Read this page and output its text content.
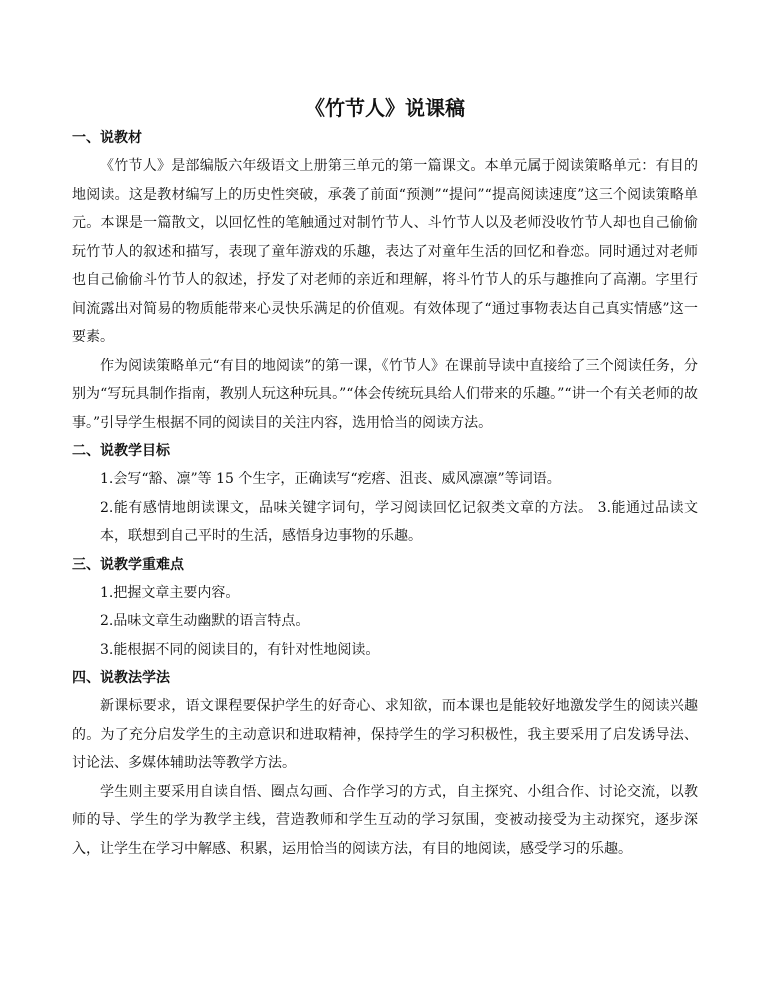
《竹节人》说课稿

一、说教材

《竹节人》是部编版六年级语文上册第三单元的第一篇课文。本单元属于阅读策略单元：有目的地阅读。这是教材编写上的历史性突破，承袭了前面“预测”“提问”“提高阅读速度”这三个阅读策略单元。本课是一篇散文，以回忆性的笔触通过对制竹节人、斗竹节人以及老师没收竹节人却也自己偷偷玩竹节人的叙述和描写，表现了童年游戏的乐趣，表达了对童年生活的回忆和眷恋。同时通过对老师也自己偷偷斗竹节人的叙述，抒发了对老师的亲近和理解，将斗竹节人的乐与趣推向了高潮。字里行间流露出对简易的物质能带来心灵快乐满足的价值观。有效体现了“通过事物表达自己真实情感”这一要素。

作为阅读策略单元“有目的地阅读”的第一课，《竹节人》在课前导读中直接给了三个阅读任务，分别为“写玩具制作指南，教别人玩这种玩具。”“体会传统玩具给人们带来的乐趣。”“讲一个有关老师的故事。”引导学生根据不同的阅读目的关注内容，选用恰当的阅读方法。

二、说教学目标

1.会写“豁、凛”等 15 个生字，正确读写“疙瘩、沮丧、威风凛凛”等词语。

2.能有感情地朗读课文，品味关键字词句，学习阅读回忆记叙类文章的方法。 3.能通过品读文本，联想到自己平时的生活，感悟身边事物的乐趣。

三、说教学重难点

1.把握文章主要内容。

2.品味文章生动幽默的语言特点。

3.能根据不同的阅读目的，有针对性地阅读。

四、说教法学法

新课标要求，语文课程要保护学生的好奇心、求知欲，而本课也是能较好地激发学生的阅读兴趣的。为了充分启发学生的主动意识和进取精神，保持学生的学习积极性，我主要采用了启发诱导法、讨论法、多媒体辅助法等教学方法。

学生则主要采用自读自悟、圈点勾画、合作学习的方式，自主探究、小组合作、讨论交流，以教师的导、学生的学为教学主线，营造教师和学生互动的学习氛围，变被动接受为主动探究，逐步深入，让学生在学习中解感、积累，运用恰当的阅读方法，有目的地阅读，感受学习的乐趣。
